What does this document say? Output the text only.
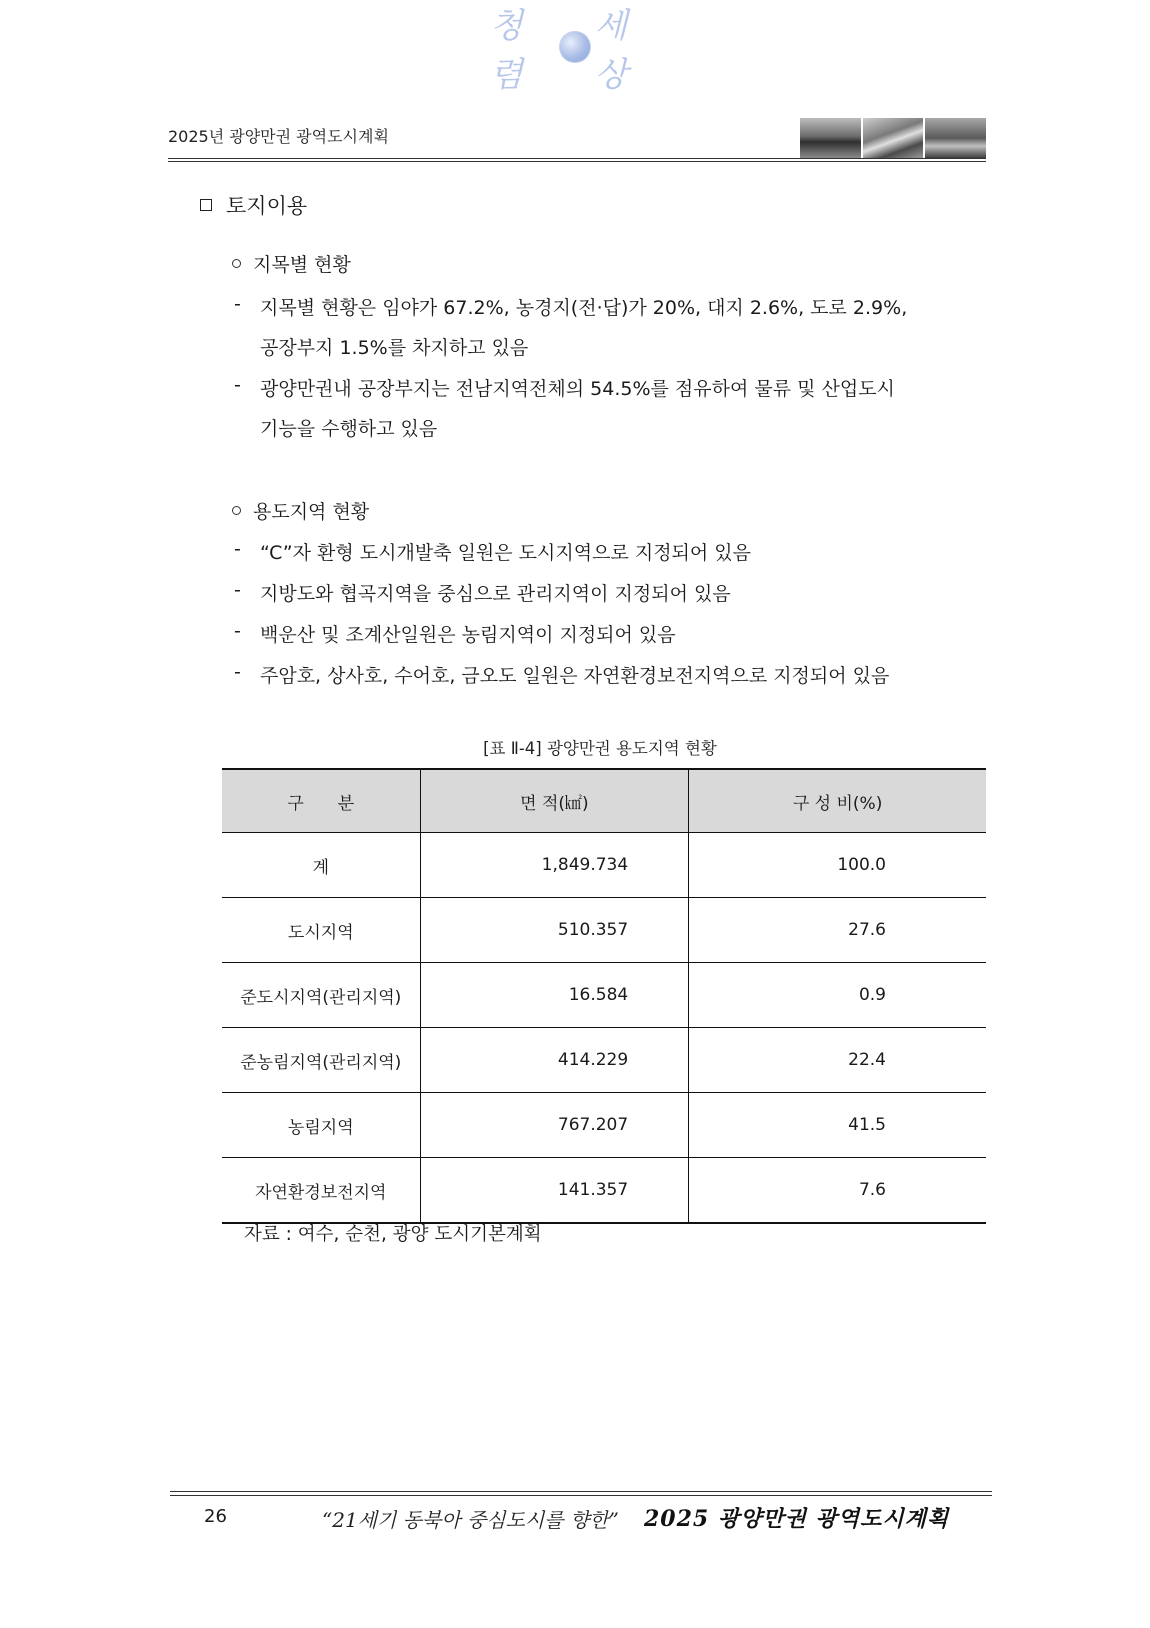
청렴
세상
2025년 광양만권 광역도시계획
토지이용
지목별 현황
-	지목별 현황은 임야가 67.2%, 농경지(전·답)가 20%, 대지 2.6%, 도로 2.9%,
공장부지 1.5%를 차지하고 있음
-	광양만권내 공장부지는 전남지역전체의 54.5%를 점유하여 물류 및 산업도시
기능을 수행하고 있음
용도지역 현황
-	“C”자 환형 도시개발축 일원은 도시지역으로 지정되어 있음
-	지방도와 협곡지역을 중심으로 관리지역이 지정되어 있음
-	백운산 및 조계산일원은 농림지역이 지정되어 있음
-	주암호, 상사호, 수어호, 금오도 일원은 자연환경보전지역으로 지정되어 있음
[표 Ⅱ-4] 광양만권 용도지역 현황
구　　분	면 적(㎢)	구 성 비(%)
계	1,849.734	100.0
도시지역	510.357	27.6
준도시지역(관리지역)	16.584	0.9
준농림지역(관리지역)	414.229	22.4
농림지역	767.207	41.5
자연환경보전지역	141.357	7.6
자료 : 여수, 순천, 광양 도시기본계획
26	“21세기 동북아 중심도시를 향한” 2025 광양만권 광역도시계획
